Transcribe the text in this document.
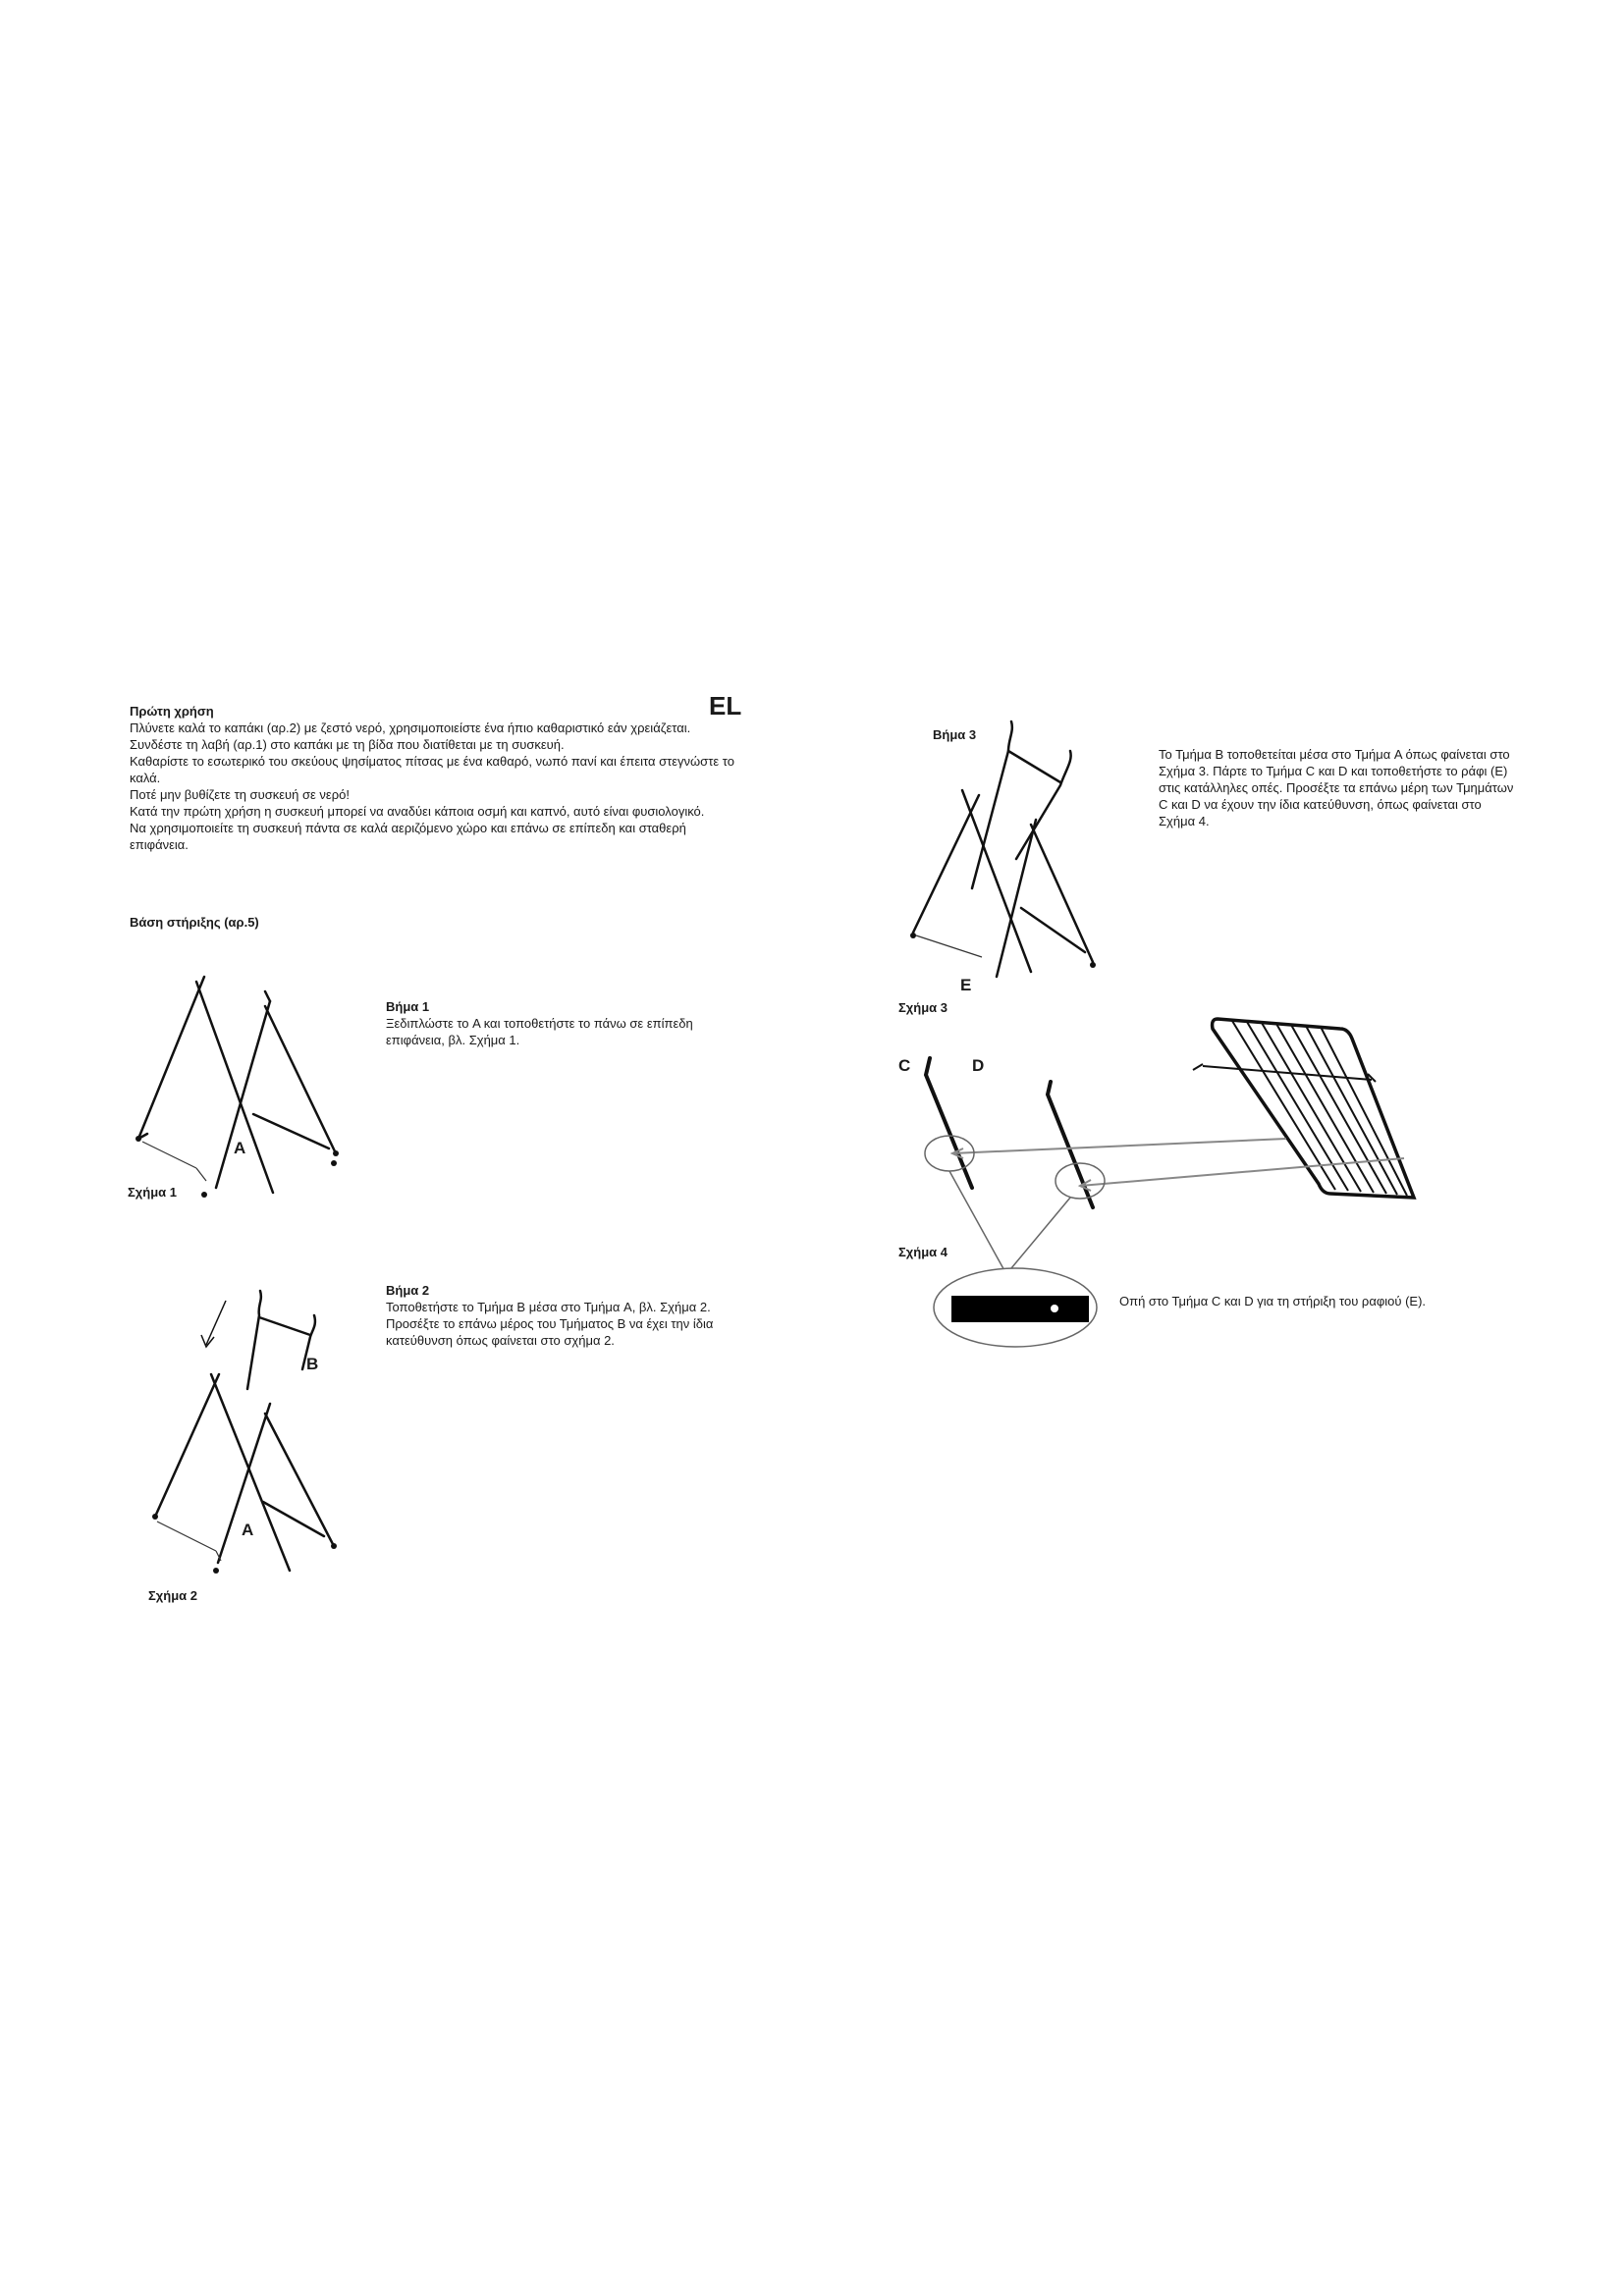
EL

Πρώτη χρήση

Πλύνετε καλά το καπάκι (αρ.2) με ζεστό νερό, χρησιμοποιείστε ένα ήπιο καθαριστικό εάν χρειάζεται.

Συνδέστε τη λαβή (αρ.1) στο καπάκι με τη βίδα που διατίθεται με τη συσκευή.

Καθαρίστε το εσωτερικό του σκεύους ψησίματος πίτσας με ένα καθαρό, νωπό πανί και έπειτα στεγνώστε το καλά.

Ποτέ μην βυθίζετε τη συσκευή σε νερό!

Κατά την πρώτη χρήση η συσκευή μπορεί να αναδύει κάποια οσμή και καπνό, αυτό είναι φυσιολογικό.

Να χρησιμοποιείτε τη συσκευή πάντα σε καλά αεριζόμενο χώρο και επάνω σε επίπεδη και σταθερή επιφάνεια.

Βάση στήριξης (αρ.5)
A
Σχήμα 1

Βήμα 1

Ξεδιπλώστε το A και τοποθετήστε το πάνω σε επίπεδη επιφάνεια, βλ. Σχήμα 1.

B
A
Σχήμα 2

Βήμα 2

Τοποθετήστε το Τμήμα B μέσα στο Τμήμα A, βλ. Σχήμα 2. Προσέξτε το επάνω μέρος του Τμήματος B να έχει την ίδια κατεύθυνση όπως φαίνεται στο σχήμα 2.

Βήμα 3
E
Σχήμα 3
Το Τμήμα B τοποθετείται μέσα στο Τμήμα A όπως φαίνεται στο Σχήμα 3. Πάρτε το Τμήμα C και D και τοποθετήστε το ράφι (E) στις κατάλληλες οπές. Προσέξτε τα επάνω μέρη των Τμημάτων C και D να έχουν την ίδια κατεύθυνση, όπως φαίνεται στο Σχήμα 4.
C	D
Σχήμα 4
Οπή στο Τμήμα C και D για τη στήριξη του ραφιού (E).
